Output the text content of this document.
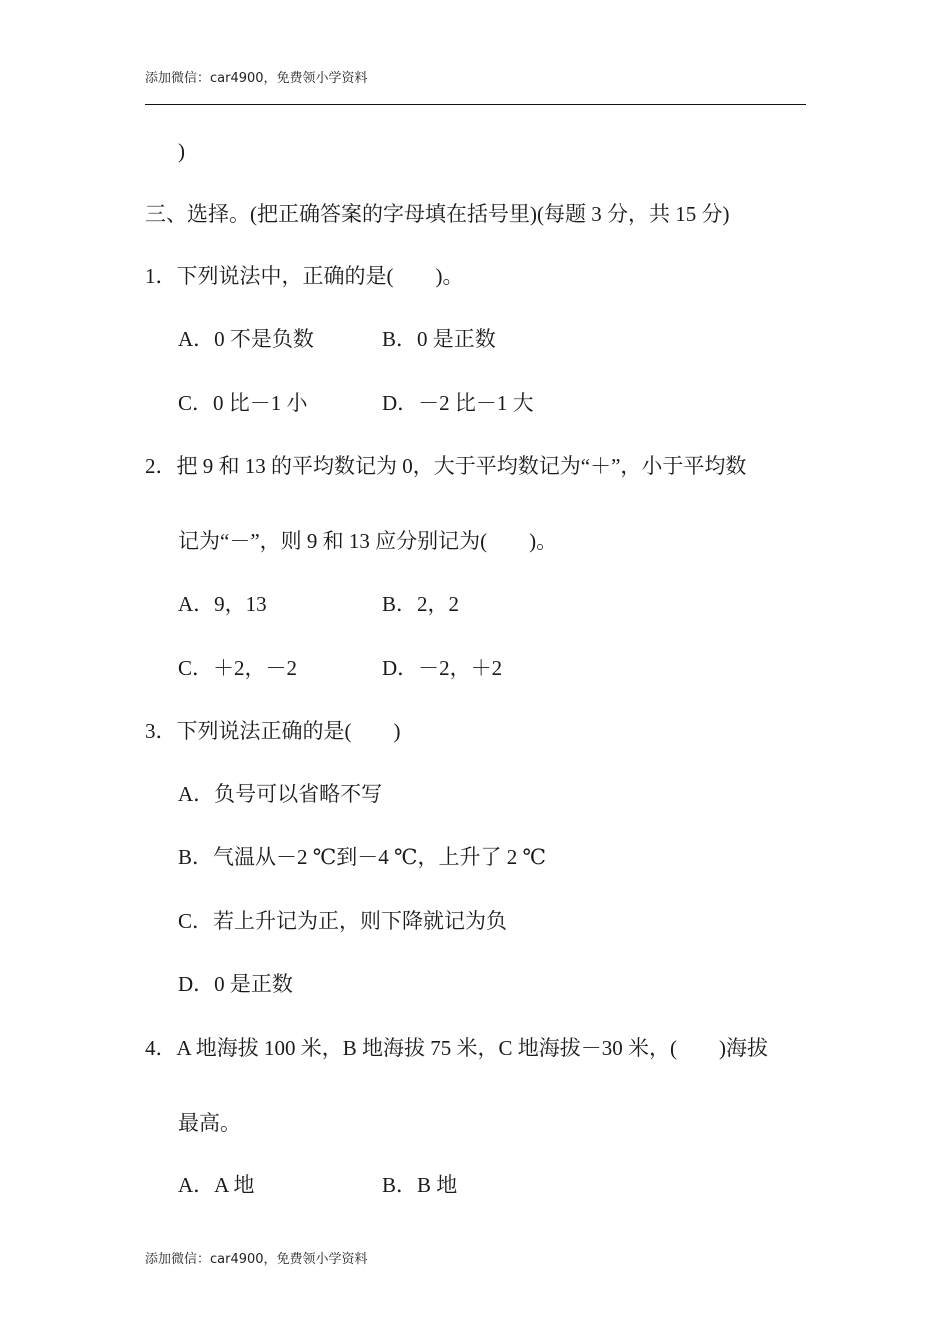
添加微信：car4900，免费领小学资料
)
三、选择。(把正确答案的字母填在括号里)(每题 3 分，共 15 分)
1．下列说法中，正确的是(　　)。
A．0 不是负数	B．0 是正数
C．0 比－1 小	D．－2 比－1 大
2．把 9 和 13 的平均数记为 0，大于平均数记为“＋”，小于平均数
记为“－”，则 9 和 13 应分别记为(　　)。
A．9，13	B．2，2
C．＋2，－2	D．－2，＋2
3．下列说法正确的是(　　)
A．负号可以省略不写
B．气温从－2 ℃到－4 ℃，上升了 2 ℃
C．若上升记为正，则下降就记为负
D．0 是正数
4．A 地海拔 100 米，B 地海拔 75 米，C 地海拔－30 米，(　　)海拔
最高。
A．A 地	B．B 地
添加微信：car4900，免费领小学资料
